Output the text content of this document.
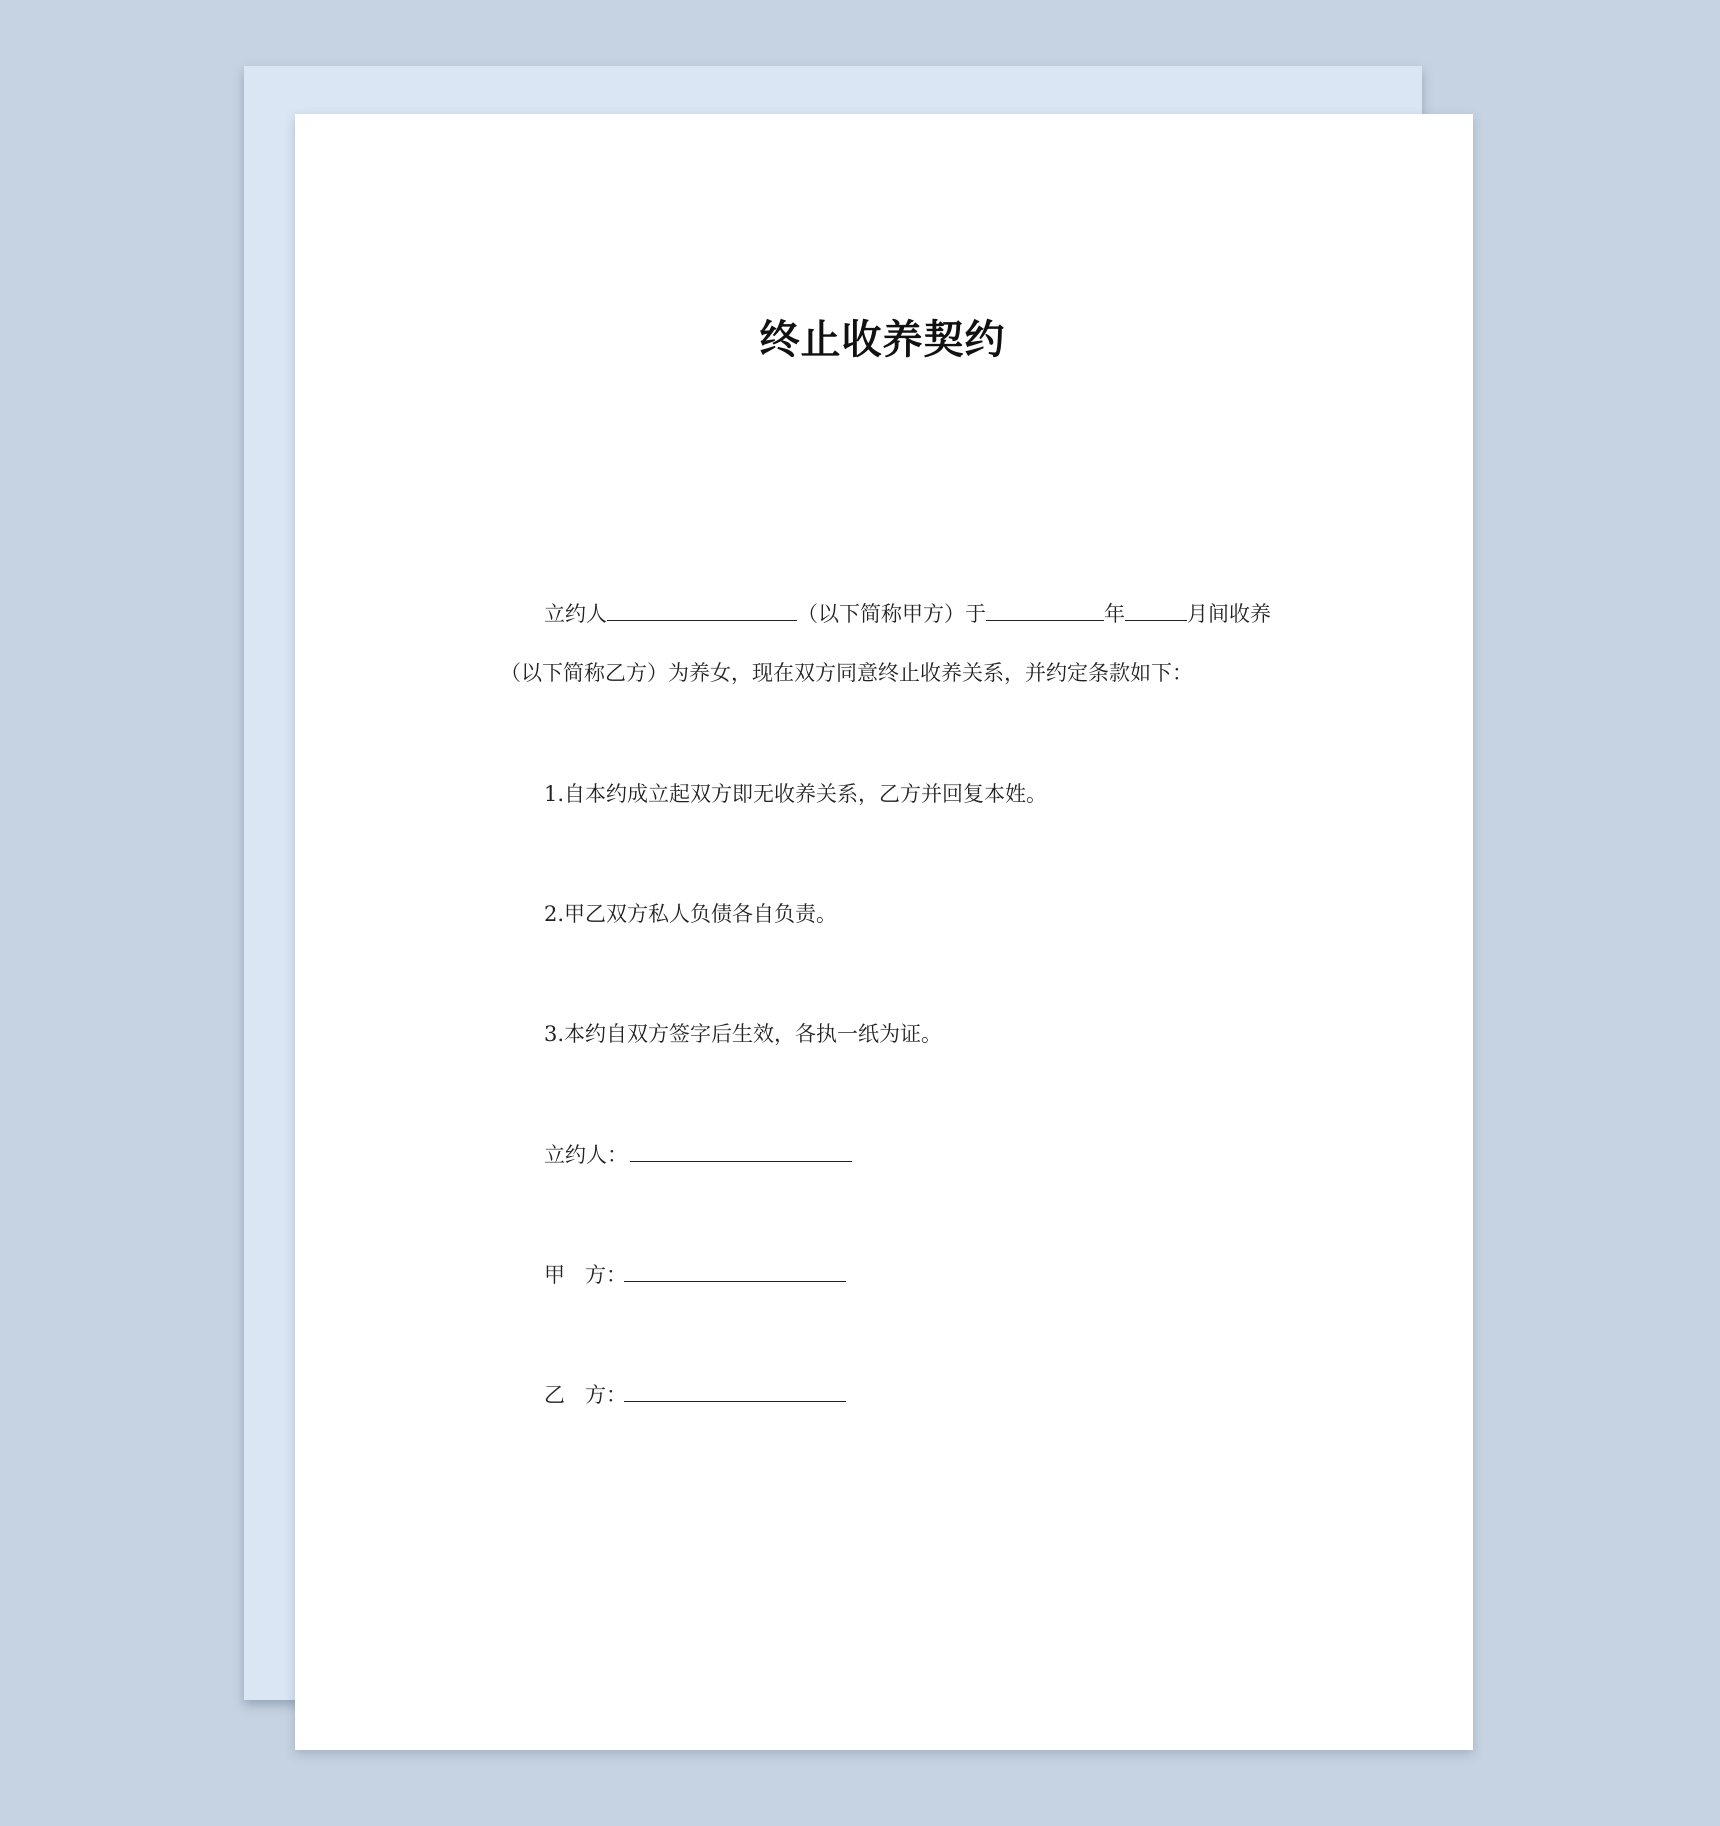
终止收养契约
立约人	（以下简称甲方）于	年	月间收养
（以下简称乙方）为养女，现在双方同意终止收养关系，并约定条款如下：
1.自本约成立起双方即无收养关系，乙方并回复本姓。
2.甲乙双方私人负债各自负责。
3.本约自双方签字后生效，各执一纸为证。
立约人：
甲 方：
乙 方：
